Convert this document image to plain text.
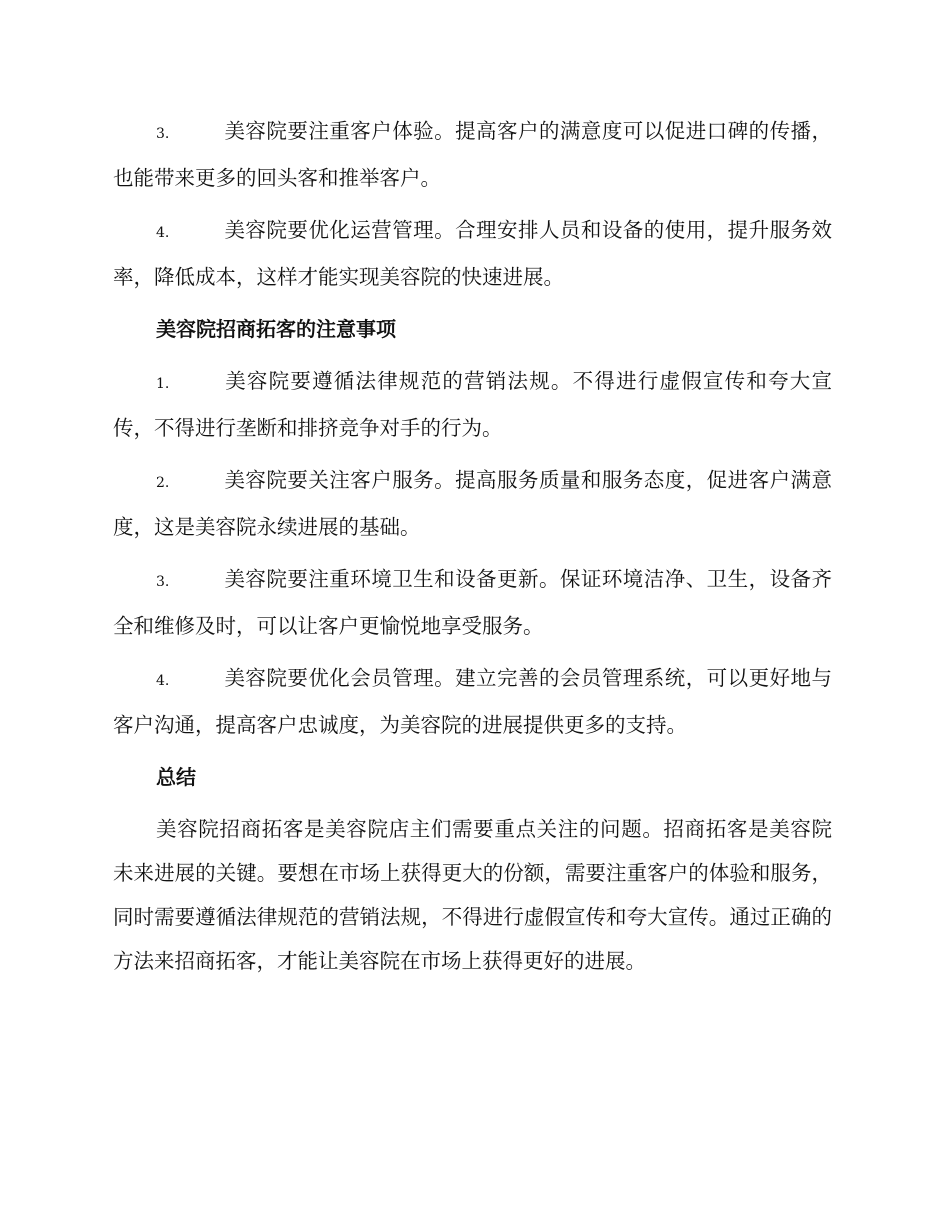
3.	美容院要注重客户体验。提高客户的满意度可以促进口碑的传播，也能带来更多的回头客和推举客户。
4.	美容院要优化运营管理。合理安排人员和设备的使用，提升服务效率，降低成本，这样才能实现美容院的快速进展。
美容院招商拓客的注意事项
1.	美容院要遵循法律规范的营销法规。不得进行虚假宣传和夸大宣传，不得进行垄断和排挤竞争对手的行为。
2.	美容院要关注客户服务。提高服务质量和服务态度，促进客户满意度，这是美容院永续进展的基础。
3.	美容院要注重环境卫生和设备更新。保证环境洁净、卫生，设备齐全和维修及时，可以让客户更愉悦地享受服务。
4.	美容院要优化会员管理。建立完善的会员管理系统，可以更好地与客户沟通，提高客户忠诚度，为美容院的进展提供更多的支持。
总结

美容院招商拓客是美容院店主们需要重点关注的问题。招商拓客是美容院未来进展的关键。要想在市场上获得更大的份额，需要注重客户的体验和服务，同时需要遵循法律规范的营销法规，不得进行虚假宣传和夸大宣传。通过正确的方法来招商拓客，才能让美容院在市场上获得更好的进展。
